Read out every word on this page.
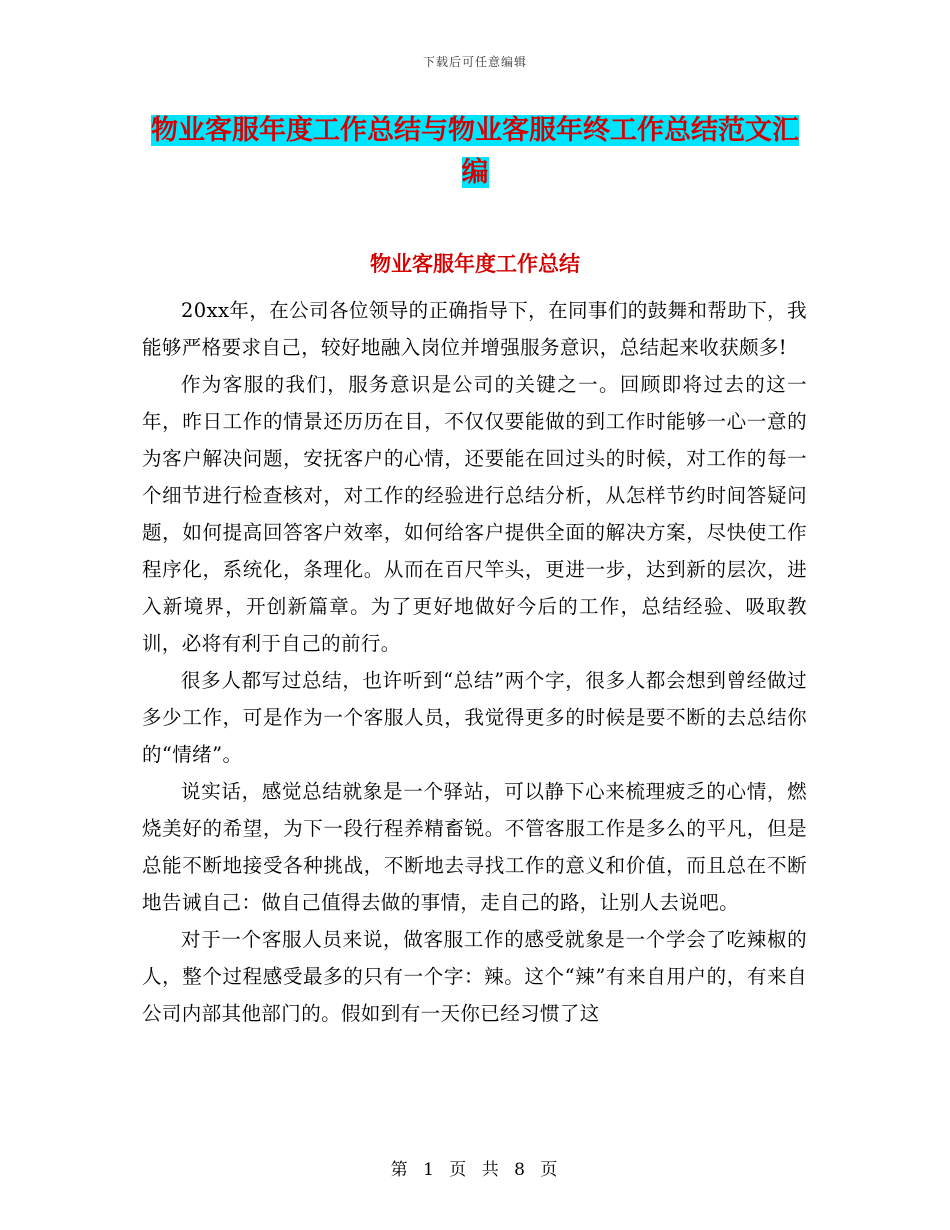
下载后可任意编辑
物业客服年度工作总结与物业客服年终工作总结范文汇编
物业客服年度工作总结

20xx年，在公司各位领导的正确指导下，在同事们的鼓舞和帮助下，我能够严格要求自己，较好地融入岗位并增强服务意识，总结起来收获颇多!

作为客服的我们，服务意识是公司的关键之一。回顾即将过去的这一年，昨日工作的情景还历历在目，不仅仅要能做的到工作时能够一心一意的为客户解决问题，安抚客户的心情，还要能在回过头的时候，对工作的每一个细节进行检查核对，对工作的经验进行总结分析，从怎样节约时间答疑问题，如何提高回答客户效率，如何给客户提供全面的解决方案，尽快使工作程序化，系统化，条理化。从而在百尺竿头，更进一步，达到新的层次，进入新境界，开创新篇章。为了更好地做好今后的工作，总结经验、吸取教训，必将有利于自己的前行。

很多人都写过总结，也许听到“总结”两个字，很多人都会想到曾经做过多少工作，可是作为一个客服人员，我觉得更多的时候是要不断的去总结你的“情绪”。

说实话，感觉总结就象是一个驿站，可以静下心来梳理疲乏的心情，燃烧美好的希望，为下一段行程养精畜锐。不管客服工作是多么的平凡，但是总能不断地接受各种挑战，不断地去寻找工作的意义和价值，而且总在不断地告诫自己：做自己值得去做的事情，走自己的路，让别人去说吧。

对于一个客服人员来说，做客服工作的感受就象是一个学会了吃辣椒的人，整个过程感受最多的只有一个字：辣。这个“辣”有来自用户的，有来自公司内部其他部门的。假如到有一天你已经习惯了这

第 1 页 共 8 页
